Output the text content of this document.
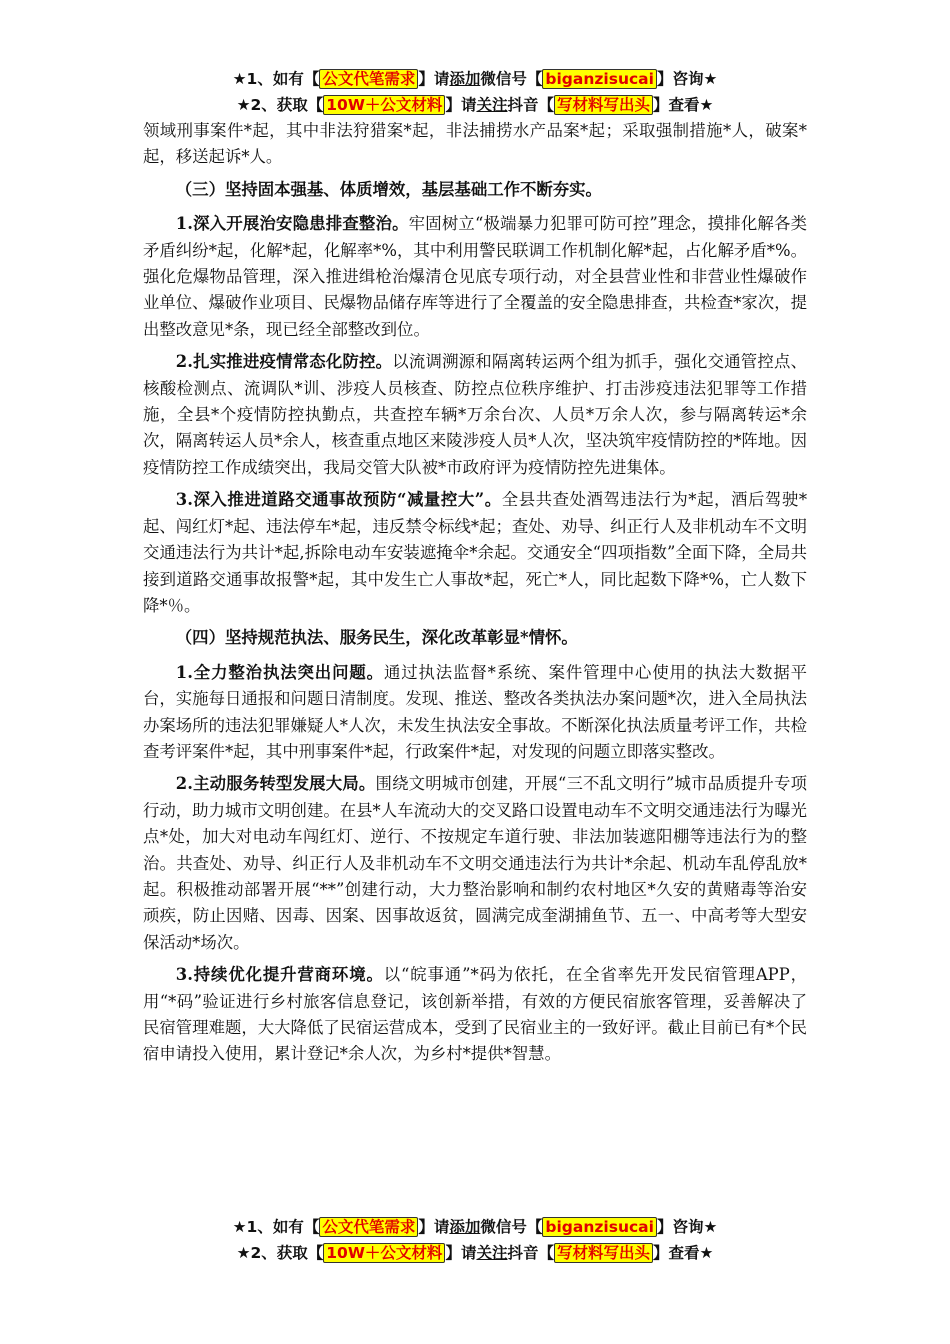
★1、如有【 公文代笔需求 】请添加微信号【 biganzisucai 】咨询★
★2、获取【 10W＋公文材料 】请关注抖音【 写材料写出头 】查看★

领域刑事案件*起，其中非法狩猎案*起，非法捕捞水产品案*起；采取强制措施*人，破案*起，移送起诉*人。

（三）坚持固本强基、体质增效，基层基础工作不断夯实。

1.深入开展治安隐患排查整治。牢固树立“极端暴力犯罪可防可控”理念，摸排化解各类矛盾纠纷*起，化解*起，化解率*%，其中利用警民联调工作机制化解*起，占化解矛盾*%。强化危爆物品管理，深入推进缉枪治爆清仓见底专项行动，对全县营业性和非营业性爆破作业单位、爆破作业项目、民爆物品储存库等进行了全覆盖的安全隐患排查，共检查*家次，提出整改意见*条，现已经全部整改到位。

2.扎实推进疫情常态化防控。以流调溯源和隔离转运两个组为抓手，强化交通管控点、核酸检测点、流调队*训、涉疫人员核查、防控点位秩序维护、打击涉疫违法犯罪等工作措施，全县*个疫情防控执勤点，共查控车辆*万余台次、人员*万余人次，参与隔离转运*余次，隔离转运人员*余人，核查重点地区来陵涉疫人员*人次，坚决筑牢疫情防控的*阵地。因疫情防控工作成绩突出，我局交管大队被*市政府评为疫情防控先进集体。

3.深入推进道路交通事故预防“减量控大”。全县共查处酒驾违法行为*起，酒后驾驶*起、闯红灯*起、违法停车*起，违反禁令标线*起；查处、劝导、纠正行人及非机动车不文明交通违法行为共计*起,拆除电动车安装遮掩伞*余起。交通安全“四项指数”全面下降，全局共接到道路交通事故报警*起，其中发生亡人事故*起，死亡*人，同比起数下降*%，亡人数下降*％。

（四）坚持规范执法、服务民生，深化改革彰显*情怀。

1.全力整治执法突出问题。通过执法监督*系统、案件管理中心使用的执法大数据平台，实施每日通报和问题日清制度。发现、推送、整改各类执法办案问题*次，进入全局执法办案场所的违法犯罪嫌疑人*人次，未发生执法安全事故。不断深化执法质量考评工作，共检查考评案件*起，其中刑事案件*起，行政案件*起，对发现的问题立即落实整改。

2.主动服务转型发展大局。围绕文明城市创建，开展“三不乱文明行”城市品质提升专项行动，助力城市文明创建。在县*人车流动大的交叉路口设置电动车不文明交通违法行为曝光点*处，加大对电动车闯红灯、逆行、不按规定车道行驶、非法加装遮阳棚等违法行为的整治。共查处、劝导、纠正行人及非机动车不文明交通违法行为共计*余起、机动车乱停乱放*起。积极推动部署开展“**”创建行动，大力整治影响和制约农村地区*久安的黄赌毒等治安顽疾，防止因赌、因毒、因案、因事故返贫，圆满完成奎湖捕鱼节、五一、中高考等大型安保活动*场次。

3.持续优化提升营商环境。以“皖事通”*码为依托，在全省率先开发民宿管理APP，用“*码”验证进行乡村旅客信息登记，该创新举措，有效的方便民宿旅客管理，妥善解决了民宿管理难题，大大降低了民宿运营成本，受到了民宿业主的一致好评。截止目前已有*个民宿申请投入使用，累计登记*余人次，为乡村*提供*智慧。

★1、如有【 公文代笔需求 】请添加微信号【 biganzisucai 】咨询★
★2、获取【 10W＋公文材料 】请关注抖音【 写材料写出头 】查看★
